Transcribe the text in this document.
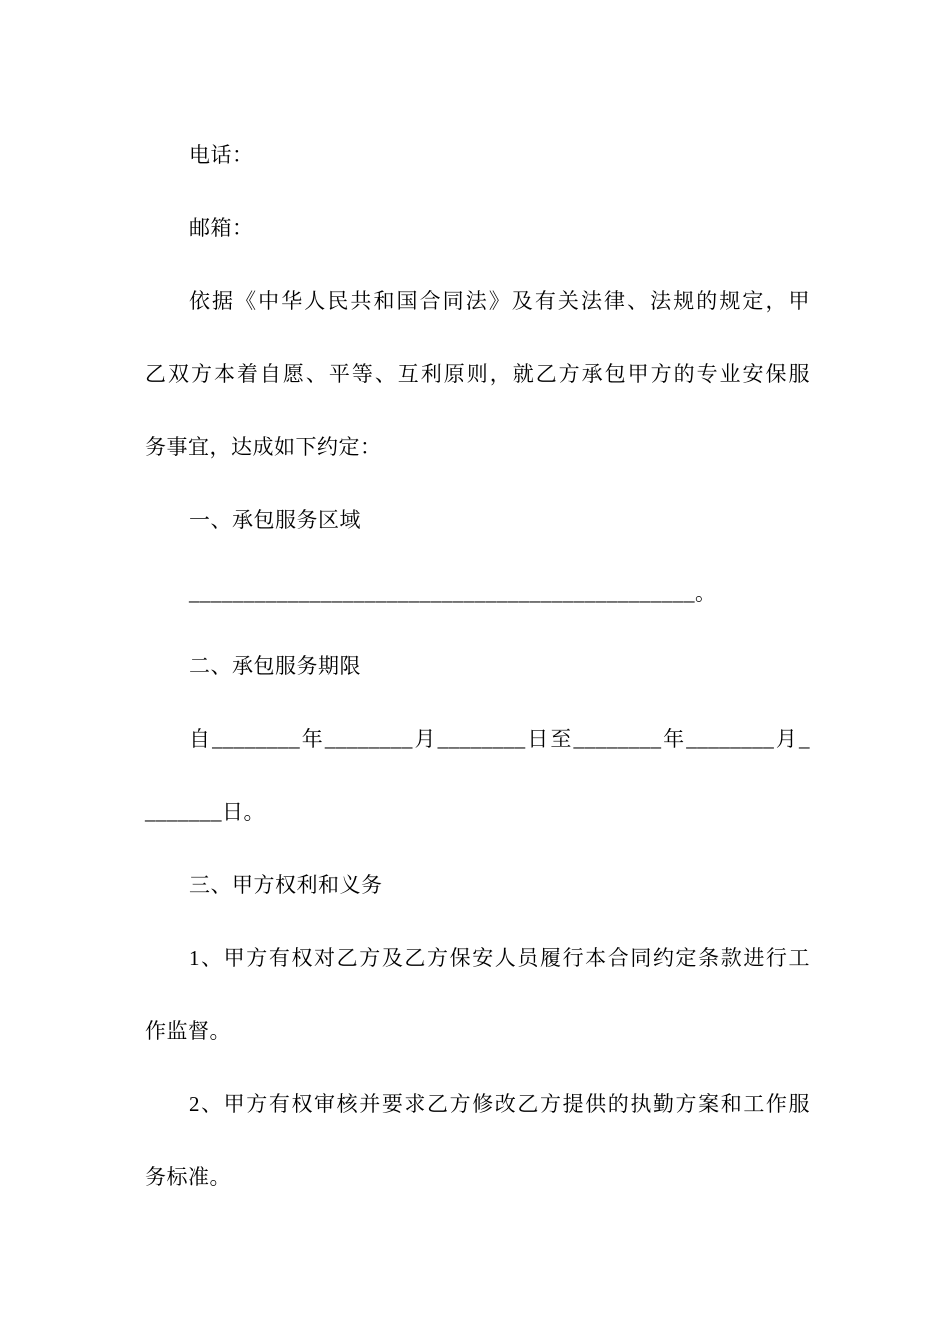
电话：
邮箱：
依据《中华人民共和国合同法》及有关法律、法规的规定，甲
乙双方本着自愿、平等、互利原则，就乙方承包甲方的专业安保服
务事宜，达成如下约定：
一、承包服务区域
______________________________________________。
二、承包服务期限
自________年________月________日至________年________月_
_______日。
三、甲方权利和义务
1、甲方有权对乙方及乙方保安人员履行本合同约定条款进行工
作监督。
2、甲方有权审核并要求乙方修改乙方提供的执勤方案和工作服
务标准。
